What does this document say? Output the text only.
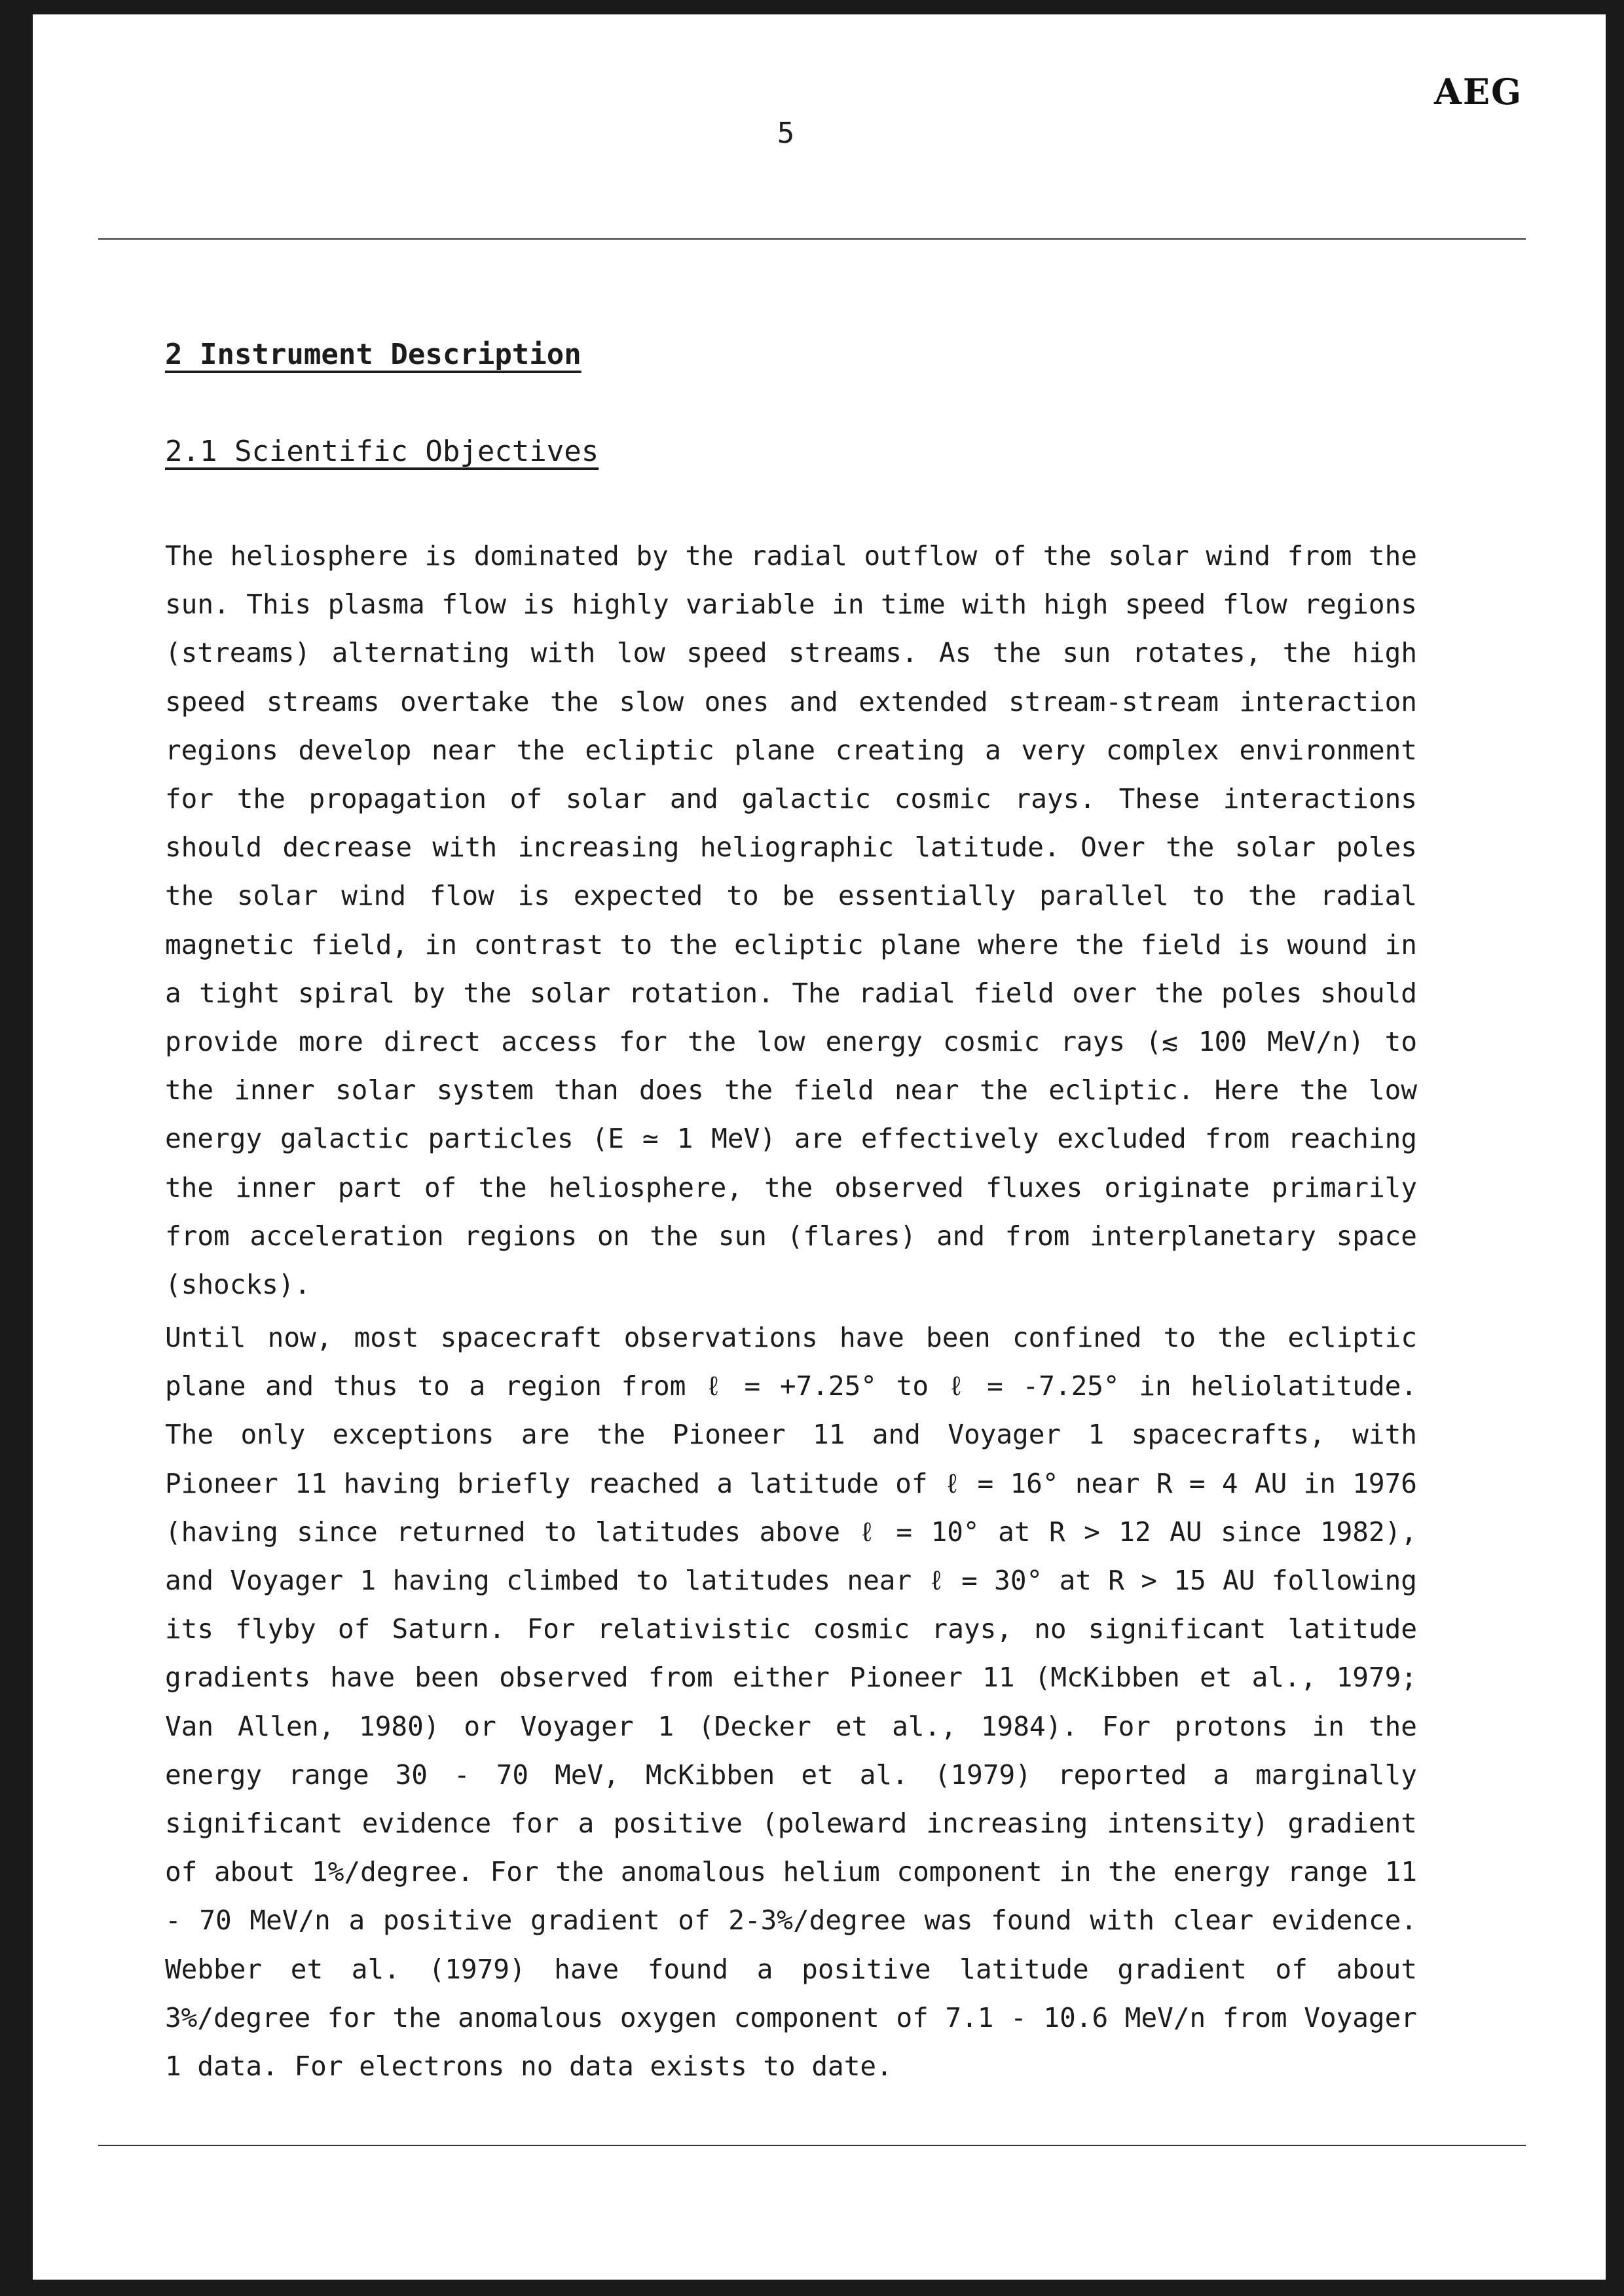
AEG
5
2 Instrument Description
2.1 Scientific Objectives

The heliosphere is dominated by the radial outflow of the solar wind from the sun. This plasma flow is highly variable in time with high speed flow regions (streams) alternating with low speed streams. As the sun rotates, the high speed streams overtake the slow ones and extended stream-stream interaction regions develop near the ecliptic plane creating a very complex environment for the propagation of solar and galactic cosmic rays. These interactions should decrease with increasing heliographic latitude. Over the solar poles the solar wind flow is expected to be essentially parallel to the radial magnetic field, in contrast to the ecliptic plane where the field is wound in a tight spiral by the solar rotation. The radial field over the poles should provide more direct access for the low energy cosmic rays (≲ 100 MeV/n) to the inner solar system than does the field near the ecliptic. Here the low energy galactic particles (E ≃ 1 MeV) are effectively excluded from reaching the inner part of the heliosphere, the observed fluxes originate primarily from acceleration regions on the sun (flares) and from interplanetary space (shocks).

Until now, most spacecraft observations have been confined to the ecliptic plane and thus to a region from ℓ = +7.25° to ℓ = -7.25° in heliolatitude. The only exceptions are the Pioneer 11 and Voyager 1 spacecrafts, with Pioneer 11 having briefly reached a latitude of ℓ = 16° near R = 4 AU in 1976 (having since returned to latitudes above ℓ = 10° at R > 12 AU since 1982), and Voyager 1 having climbed to latitudes near ℓ = 30° at R > 15 AU following its flyby of Saturn. For relativistic cosmic rays, no significant latitude gradients have been observed from either Pioneer 11 (McKibben et al., 1979; Van Allen, 1980) or Voyager 1 (Decker et al., 1984). For protons in the energy range 30 - 70 MeV, McKibben et al. (1979) reported a marginally significant evidence for a positive (poleward increasing intensity) gradient of about 1%/degree. For the anomalous helium component in the energy range 11 - 70 MeV/n a positive gradient of 2-3%/degree was found with clear evidence. Webber et al. (1979) have found a positive latitude gradient of about 3%/degree for the anomalous oxygen component of 7.1 - 10.6 MeV/n from Voyager 1 data. For electrons no data exists to date.
